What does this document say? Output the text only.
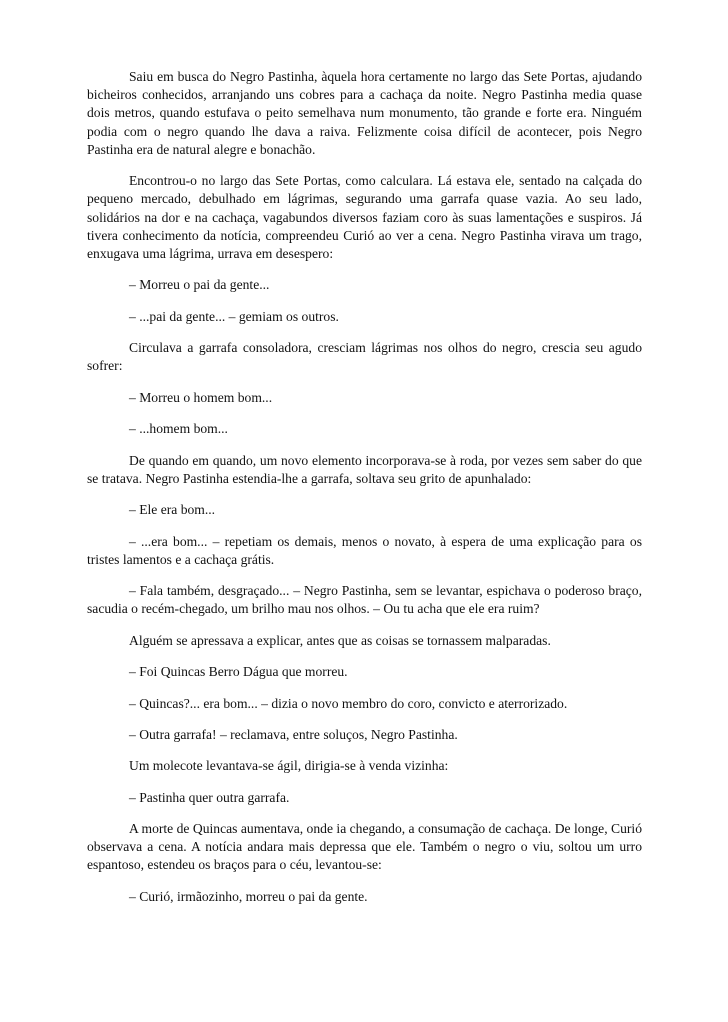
Saiu em busca do Negro Pastinha, àquela hora certamente no largo das Sete Portas, ajudando bicheiros conhecidos, arranjando uns cobres para a cachaça da noite. Negro Pastinha media quase dois metros, quando estufava o peito semelhava num monumento, tão grande e forte era. Ninguém podia com o negro quando lhe dava a raiva. Felizmente coisa difícil de acontecer, pois Negro Pastinha era de natural alegre e bonachão.

Encontrou-o no largo das Sete Portas, como calculara. Lá estava ele, sentado na calçada do pequeno mercado, debulhado em lágrimas, segurando uma garrafa quase vazia. Ao seu lado, solidários na dor e na cachaça, vagabundos diversos faziam coro às suas lamentações e suspiros. Já tivera conhecimento da notícia, compreendeu Curió ao ver a cena. Negro Pastinha virava um trago, enxugava uma lágrima, urrava em desespero:

– Morreu o pai da gente...

– ...pai da gente... – gemiam os outros.

Circulava a garrafa consoladora, cresciam lágrimas nos olhos do negro, crescia seu agudo sofrer:

– Morreu o homem bom...

– ...homem bom...

De quando em quando, um novo elemento incorporava-se à roda, por vezes sem saber do que se tratava. Negro Pastinha estendia-lhe a garrafa, soltava seu grito de apunhalado:

– Ele era bom...

– ...era bom... – repetiam os demais, menos o novato, à espera de uma explicação para os tristes lamentos e a cachaça grátis.

– Fala também, desgraçado... – Negro Pastinha, sem se levantar, espichava o poderoso braço, sacudia o recém-chegado, um brilho mau nos olhos. – Ou tu acha que ele era ruim?

Alguém se apressava a explicar, antes que as coisas se tornassem malparadas.

– Foi Quincas Berro Dágua que morreu.

– Quincas?... era bom... – dizia o novo membro do coro, convicto e aterrorizado.

– Outra garrafa! – reclamava, entre soluços, Negro Pastinha.

Um molecote levantava-se ágil, dirigia-se à venda vizinha:

– Pastinha quer outra garrafa.

A morte de Quincas aumentava, onde ia chegando, a consumação de cachaça. De longe, Curió observava a cena. A notícia andara mais depressa que ele. Também o negro o viu, soltou um urro espantoso, estendeu os braços para o céu, levantou-se:

– Curió, irmãozinho, morreu o pai da gente.
